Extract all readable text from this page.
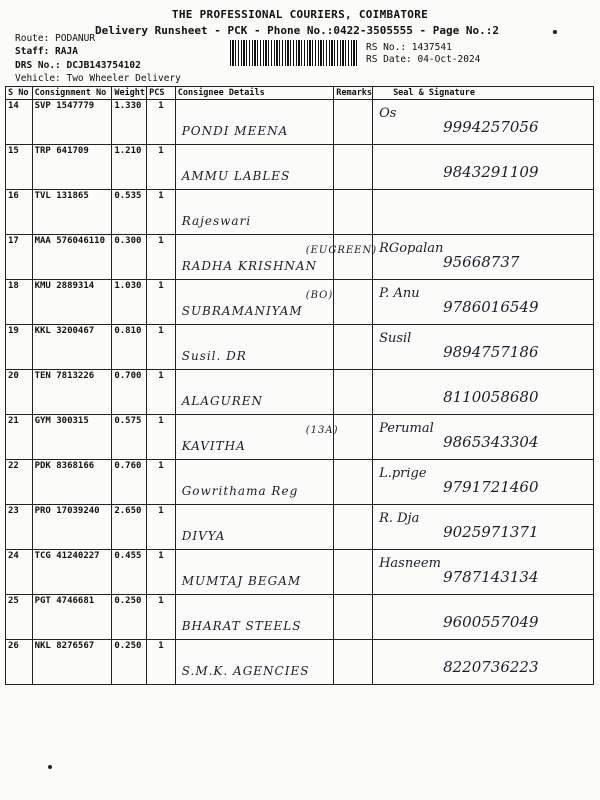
THE PROFESSIONAL COURIERS, COIMBATORE
Delivery Runsheet - PCK - Phone No.:0422-3505555 - Page No.:2
Route: PODANUR
Staff: RAJA
DRS No.: DCJB143754102
Vehicle: Two Wheeler Delivery
RS No.: 1437541
RS Date: 04-Oct-2024
S No	Consignment No	Weight	PCS	Consignee Details	Remarks	Seal & Signature
14	SVP 1547779	1.330	1	PONDI MEENA		Os
9994257056

15	TRP 641709	1.210	1	AMMU LABLES		9843291109

16	TVL 131865	0.535	1	Rajeswari		

17	MAA 576046110	0.300	1	RADHA KRISHNAN
(EUGREEN)		RGopalan
95668737

18	KMU 2889314	1.030	1	SUBRAMANIYAM
(BO)		P. Anu
9786016549

19	KKL 3200467	0.810	1	Susil. DR		Susil
9894757186

20	TEN 7813226	0.700	1	ALAGUREN		8110058680

21	GYM 300315	0.575	1	KAVITHA
(13A)		Perumal
9865343304

22	PDK 8368166	0.760	1	Gowrithama Reg		L.prige
9791721460

23	PRO 17039240	2.650	1	DIVYA		R. Dja
9025971371

24	TCG 41240227	0.455	1	MUMTAJ BEGAM		Hasneem
9787143134

25	PGT 4746681	0.250	1	BHARAT STEELS		9600557049

26	NKL 8276567	0.250	1	S.M.K. AGENCIES		8220736223
